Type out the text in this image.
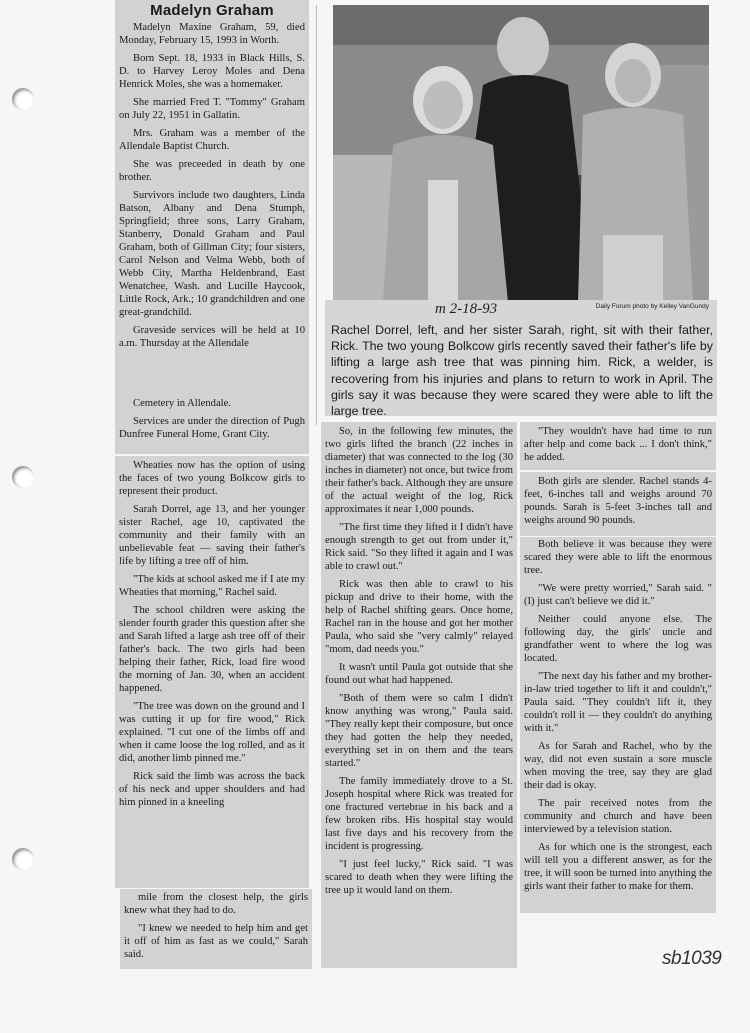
Madelyn Graham

Madelyn Maxine Graham, 59, died Monday, February 15, 1993 in Worth.

Born Sept. 18, 1933 in Black Hills, S. D. to Harvey Leroy Moles and Dena Henrick Moles, she was a homemaker.

She married Fred T. "Tommy" Graham on July 22, 1951 in Gallatin.

Mrs. Graham was a member of the Allendale Baptist Church.

She was preceeded in death by one brother.

Survivors include two daughters, Linda Batson, Albany and Dena Stumph, Springfield; three sons, Larry Graham, Stanberry, Donald Graham and Paul Graham, both of Gillman City; four sisters, Carol Nelson and Velma Webb, both of Webb City, Martha Heldenbrand, East Wenatchee, Wash. and Lucille Haycook, Little Rock, Ark.; 10 grandchildren and one great-grandchild.

Graveside services will be held at 10 a.m. Thursday at the Allendale

Cemetery in Allendale.

Services are under the direction of Pugh Dunfree Funeral Home, Grant City.

m 2-18-93	Daily Forum photo by Kelley VanGundy
Rachel Dorrel, left, and her sister Sarah, right, sit with their father, Rick. The two young Bolkcow girls recently saved their father's life by lifting a large ash tree that was pinning him. Rick, a welder, is recovering from his injuries and plans to return to work in April. The girls say it was because they were scared they were able to lift the large tree.

Wheaties now has the option of using the faces of two young Bolkcow girls to represent their product.

Sarah Dorrel, age 13, and her younger sister Rachel, age 10, captivated the community and their family with an unbelievable feat — saving their father's life by lifting a tree off of him.

"The kids at school asked me if I ate my Wheaties that morning," Rachel said.

The school children were asking the slender fourth grader this question after she and Sarah lifted a large ash tree off of their father's back. The two girls had been helping their father, Rick, load fire wood the morning of Jan. 30, when an accident happened.

"The tree was down on the ground and I was cutting it up for fire wood," Rick explained. "I cut one of the limbs off and when it came loose the log rolled, and as it did, another limb pinned me."

Rick said the limb was across the back of his neck and upper shoulders and had him pinned in a kneeling

mile from the closest help, the girls knew what they had to do.

"I knew we needed to help him and get it off of him as fast as we could," Sarah said.

So, in the following few minutes, the two girls lifted the branch (22 inches in diameter) that was connected to the log (30 inches in diameter) not once, but twice from their father's back. Although they are unsure of the actual weight of the log, Rick approximates it near 1,000 pounds.

"The first time they lifted it I didn't have enough strength to get out from under it," Rick said. "So they lifted it again and I was able to crawl out."

Rick was then able to crawl to his pickup and drive to their home, with the help of Rachel shifting gears. Once home, Rachel ran in the house and got her mother Paula, who said she "very calmly" relayed "mom, dad needs you."

It wasn't until Paula got outside that she found out what had happened.

"Both of them were so calm I didn't know anything was wrong," Paula said. "They really kept their composure, but once they had gotten the help they needed, everything set in on them and the tears started."

The family immediately drove to a St. Joseph hospital where Rick was treated for one fractured vertebrae in his back and a few broken ribs. His hospital stay would last five days and his recovery from the incident is progressing.

"I just feel lucky," Rick said. "I was scared to death when they were lifting the tree up it would land on them.

"They wouldn't have had time to run after help and come back ... I don't think," he added.

Both girls are slender. Rachel stands 4-feet, 6-inches tall and weighs around 70 pounds. Sarah is 5-feet 3-inches tall and weighs around 90 pounds.

Both believe it was because they were scared they were able to lift the enormous tree.

"We were pretty worried," Sarah said. "(I) just can't believe we did it."

Neither could anyone else. The following day, the girls' uncle and grandfather went to where the log was located.

"The next day his father and my brother-in-law tried together to lift it and couldn't," Paula said. "They couldn't lift it, they couldn't roll it — they couldn't do anything with it."

As for Sarah and Rachel, who by the way, did not even sustain a sore muscle when moving the tree, say they are glad their dad is okay.

The pair received notes from the community and church and have been interviewed by a television station.

As for which one is the strongest, each will tell you a different answer, as for the tree, it will soon be turned into anything the girls want their father to make for them.

sb1039
